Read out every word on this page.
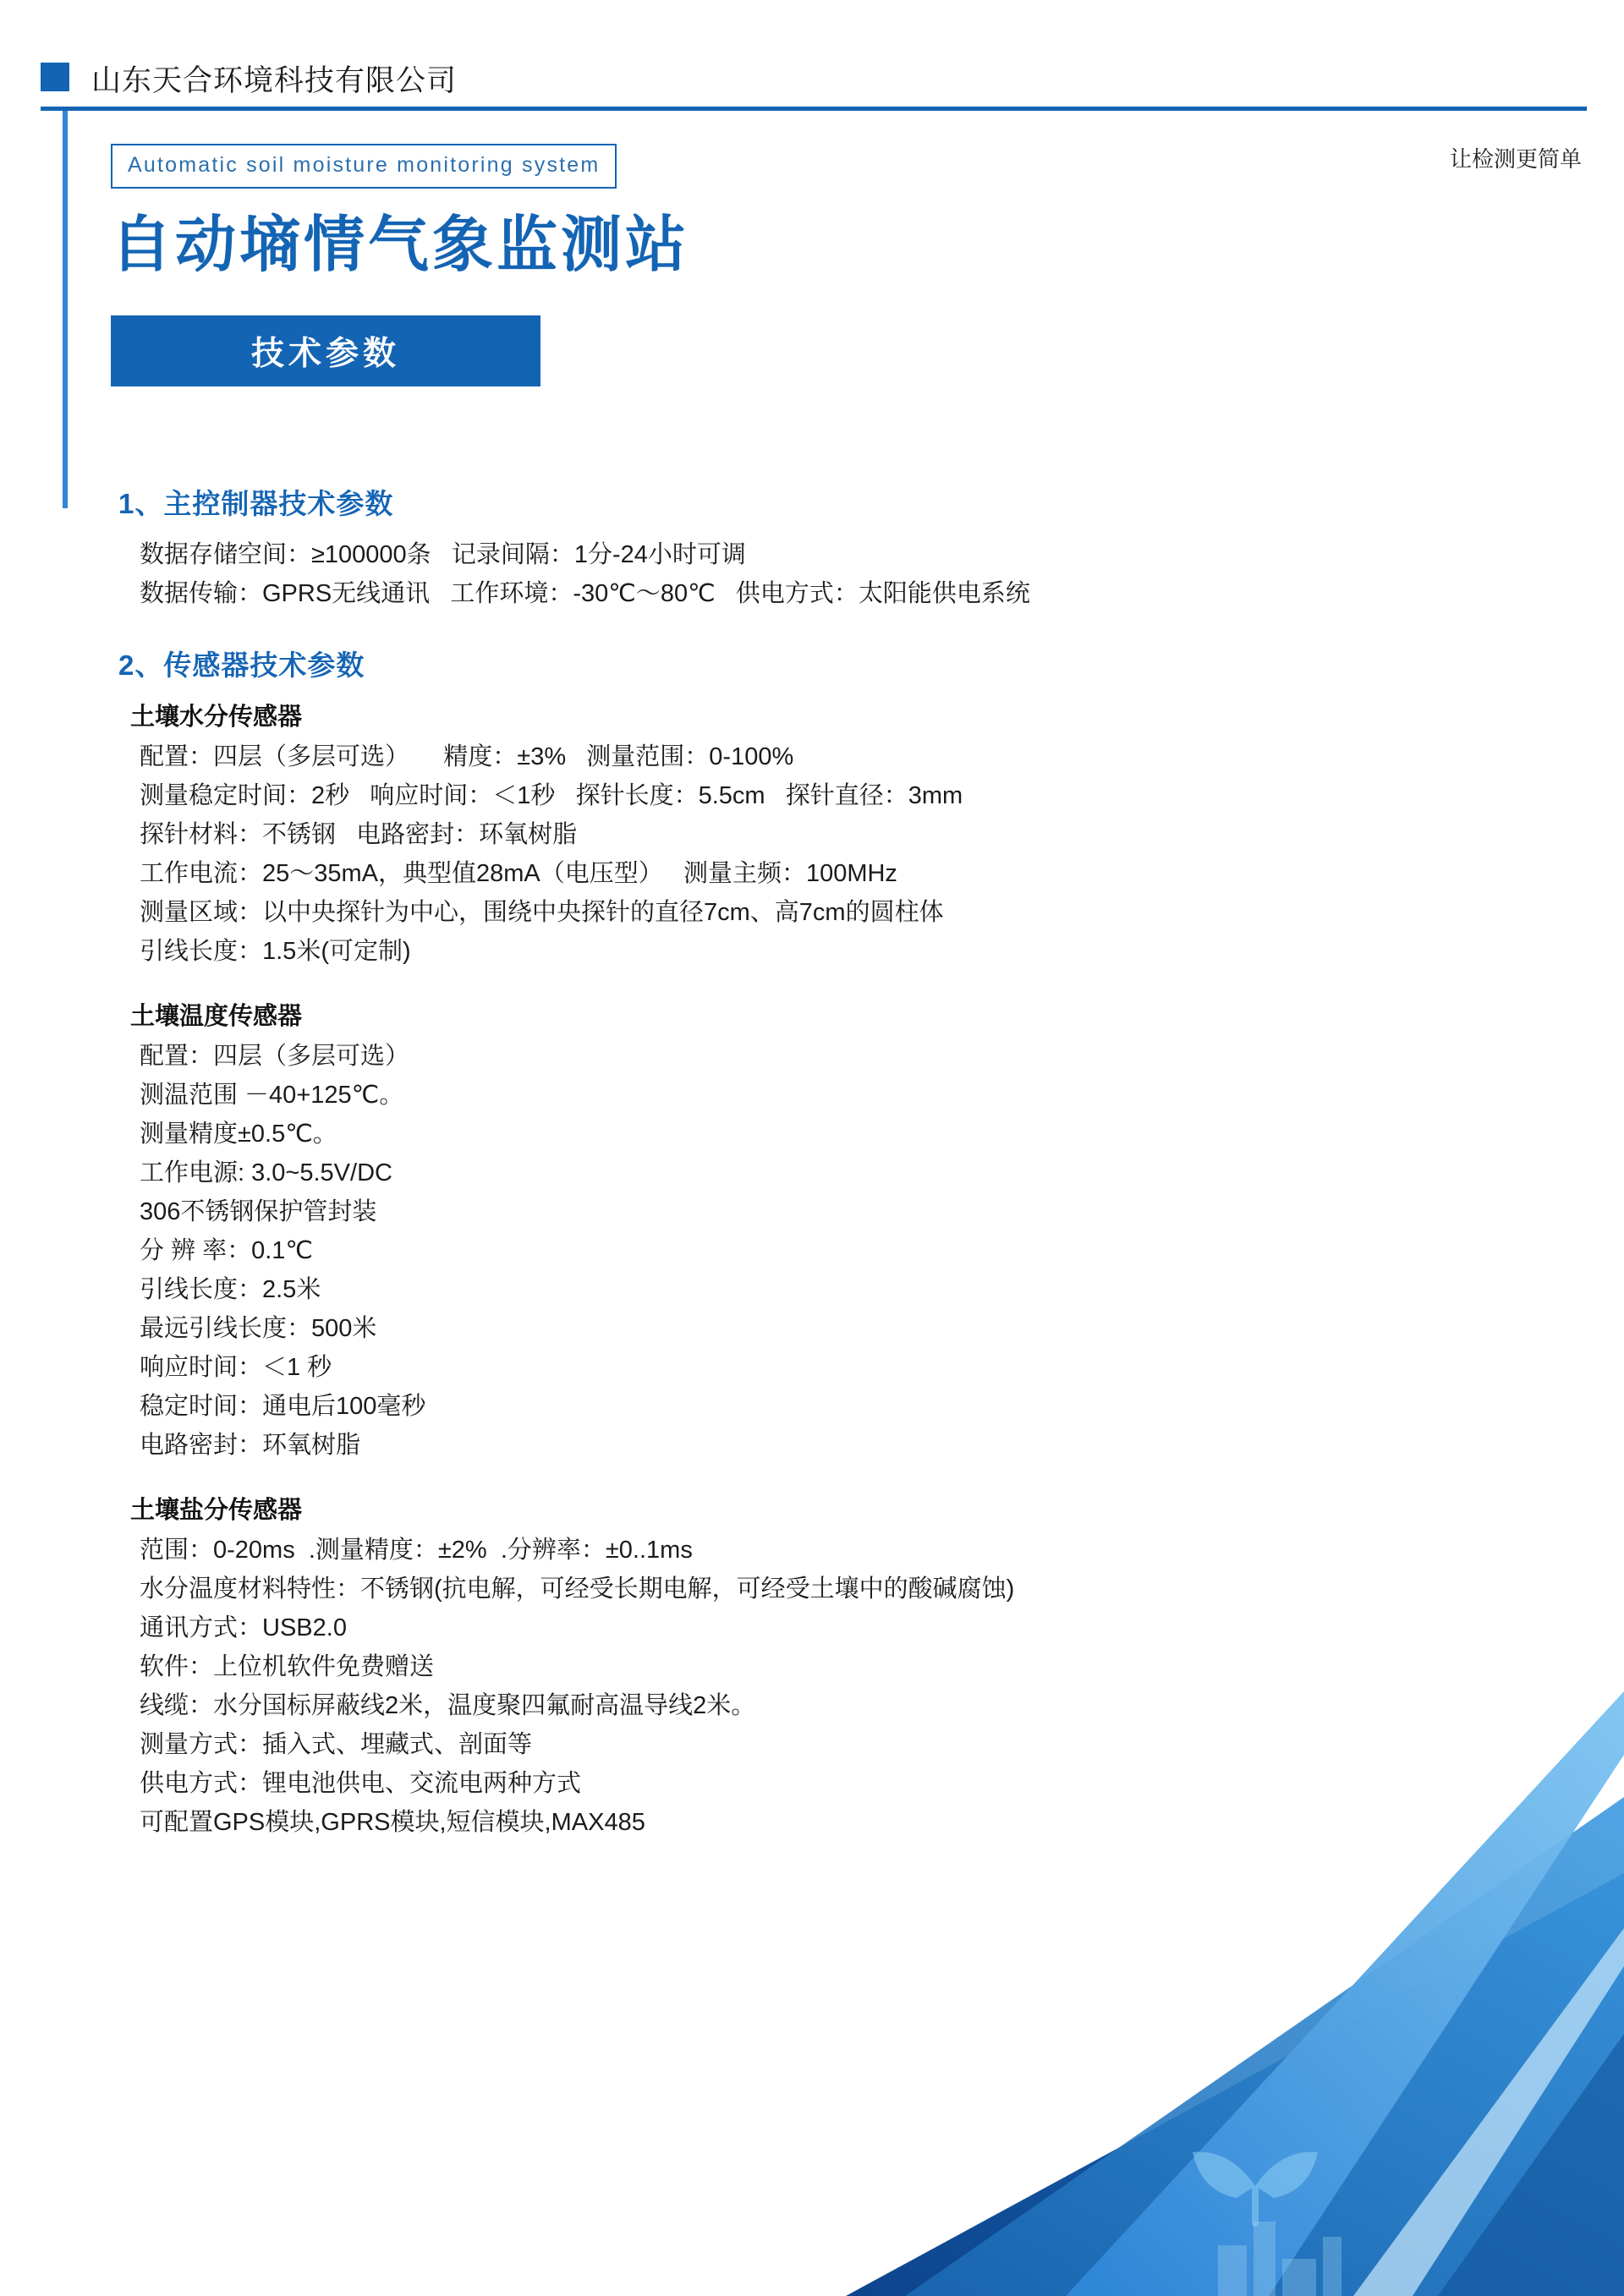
山东天合环境科技有限公司
Automatic soil moisture monitoring system	让检测更简单
自动墒情气象监测站
技术参数
1、主控制器技术参数
数据存储空间：≥100000条   记录间隔：1分-24小时可调
数据传输：GPRS无线通讯   工作环境：-30℃～80℃   供电方式：太阳能供电系统
2、传感器技术参数
土壤水分传感器
配置：四层（多层可选）     精度：±3%   测量范围：0-100%
测量稳定时间：2秒   响应时间：＜1秒   探针长度：5.5cm   探针直径：3mm
探针材料：不锈钢   电路密封：环氧树脂
工作电流：25～35mA，典型值28mA（电压型）   测量主频：100MHz
测量区域：以中央探针为中心，围绕中央探针的直径7cm、高7cm的圆柱体
引线长度：1.5米(可定制)
土壤温度传感器
配置：四层（多层可选）
测温范围 －40+125℃。
测量精度±0.5℃。
工作电源: 3.0~5.5V/DC
306不锈钢保护管封装
分 辨 率：0.1℃
引线长度：2.5米
最远引线长度：500米
响应时间：＜1 秒
稳定时间：通电后100毫秒
电路密封：环氧树脂
土壤盐分传感器
范围：0-20ms  .测量精度：±2%  .分辨率：±0..1ms
水分温度材料特性：不锈钢(抗电解，可经受长期电解，可经受土壤中的酸碱腐蚀)
通讯方式：USB2.0
软件：上位机软件免费赠送
线缆：水分国标屏蔽线2米，温度聚四氟耐高温导线2米。
测量方式：插入式、埋藏式、剖面等
供电方式：锂电池供电、交流电两种方式
可配置GPS模块,GPRS模块,短信模块,MAX485
